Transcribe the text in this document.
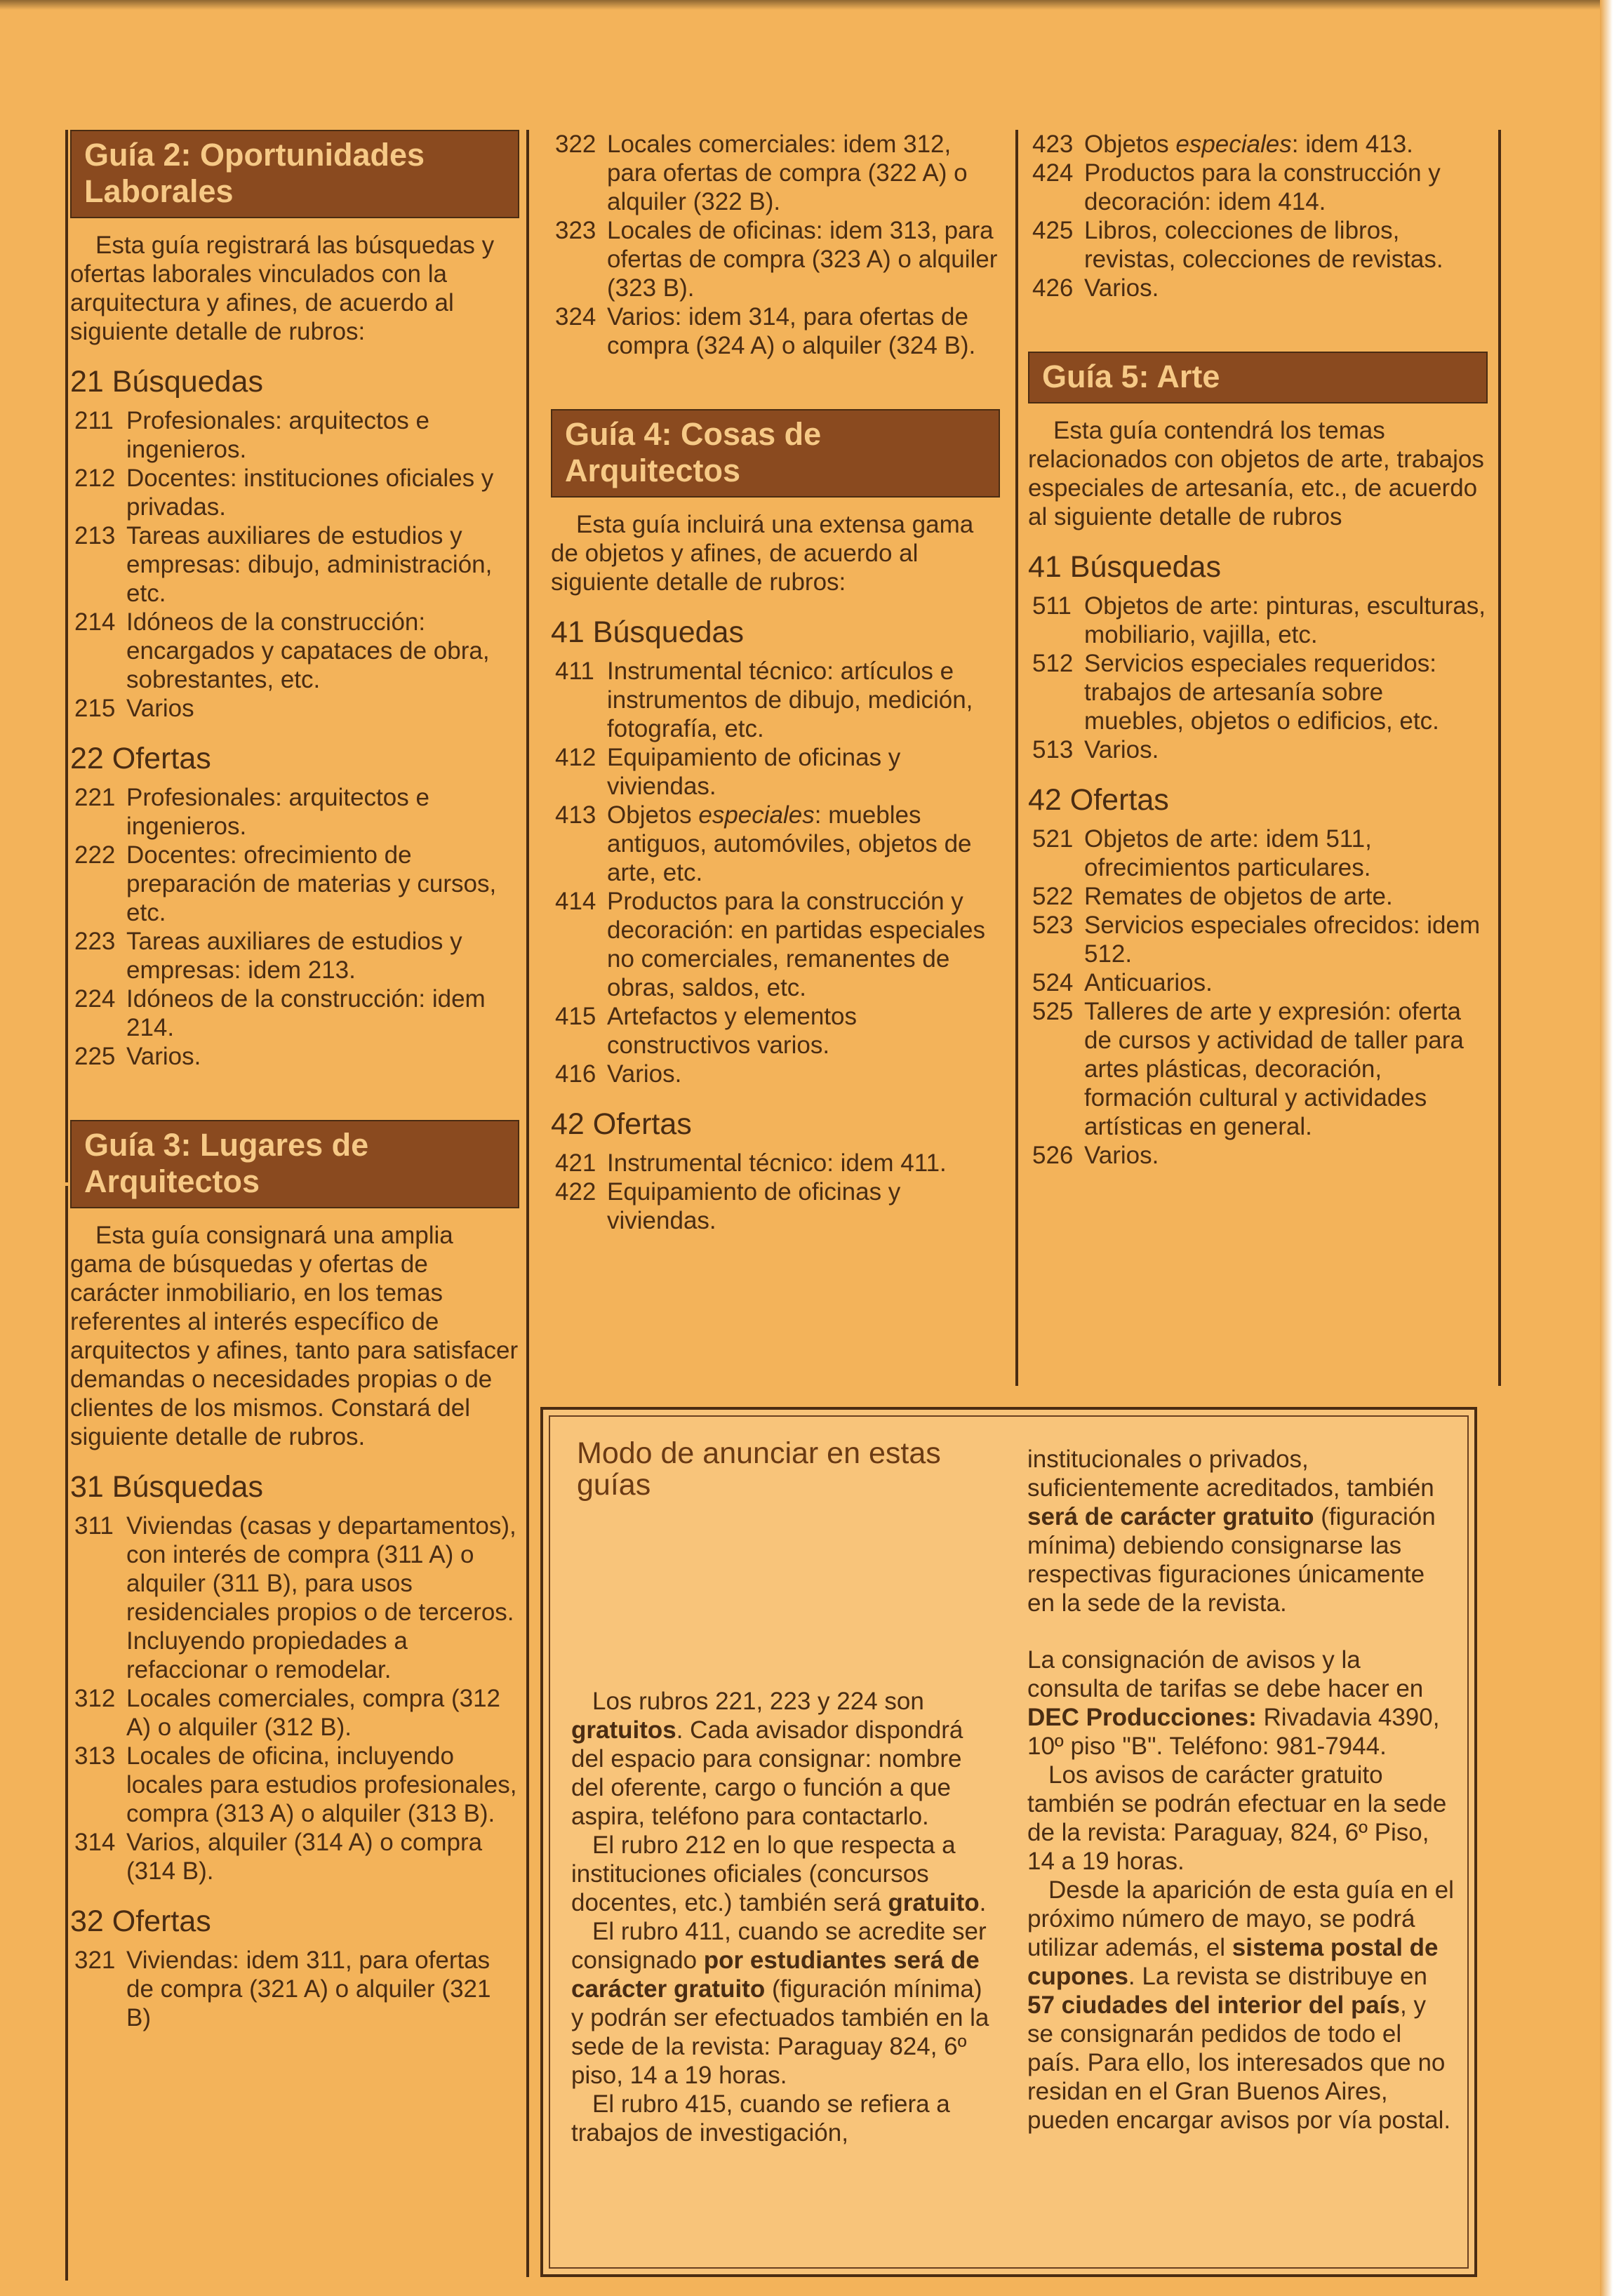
Guía 2: Oportunidades Laborales

Esta guía registrará las búsquedas y ofertas laborales vinculados con la arquitectura y afines, de acuerdo al siguiente detalle de rubros:

21 Búsquedas
211 Profesionales: arquitectos e ingenieros.
212 Docentes: instituciones oficiales y privadas.
213 Tareas auxiliares de estudios y empresas: dibujo, administración, etc.
214 Idóneos de la construcción: encargados y capataces de obra, sobrestantes, etc.
215 Varios
22 Ofertas
221 Profesionales: arquitectos e ingenieros.
222 Docentes: ofrecimiento de preparación de materias y cursos, etc.
223 Tareas auxiliares de estudios y empresas: idem 213.
224 Idóneos de la construcción: idem 214.
225 Varios.
Guía 3: Lugares de Arquitectos

Esta guía consignará una amplia gama de búsquedas y ofertas de carácter inmobiliario, en los temas referentes al interés específico de arquitectos y afines, tanto para satisfacer demandas o necesidades propias o de clientes de los mismos. Constará del siguiente detalle de rubros.

31 Búsquedas
311 Viviendas (casas y departamentos), con interés de compra (311 A) o alquiler (311 B), para usos residenciales propios o de terceros. Incluyendo propiedades a refaccionar o remodelar.
312 Locales comerciales, compra (312 A) o alquiler (312 B).
313 Locales de oficina, incluyendo locales para estudios profesionales, compra (313 A) o alquiler (313 B).
314 Varios, alquiler (314 A) o compra (314 B).
32 Ofertas
321 Viviendas: idem 311, para ofertas de compra (321 A) o alquiler (321 B)
322 Locales comerciales: idem 312, para ofertas de compra (322 A) o alquiler (322 B).
323 Locales de oficinas: idem 313, para ofertas de compra (323 A) o alquiler (323 B).
324 Varios: idem 314, para ofertas de compra (324 A) o alquiler (324 B).
Guía 4: Cosas de Arquitectos

Esta guía incluirá una extensa gama de objetos y afines, de acuerdo al siguiente detalle de rubros:

41 Búsquedas
411 Instrumental técnico: artículos e instrumentos de dibujo, medición, fotografía, etc.
412 Equipamiento de oficinas y viviendas.
413 Objetos especiales: muebles antiguos, automóviles, objetos de arte, etc.
414 Productos para la construcción y decoración: en partidas especiales no comerciales, remanentes de obras, saldos, etc.
415 Artefactos y elementos constructivos varios.
416 Varios.
42 Ofertas
421 Instrumental técnico: idem 411.
422 Equipamiento de oficinas y viviendas.
423 Objetos especiales: idem 413.
424 Productos para la construcción y decoración: idem 414.
425 Libros, colecciones de libros, revistas, colecciones de revistas.
426 Varios.
Guía 5: Arte

Esta guía contendrá los temas relacionados con objetos de arte, trabajos especiales de artesanía, etc., de acuerdo al siguiente detalle de rubros

41 Búsquedas
511 Objetos de arte: pinturas, esculturas, mobiliario, vajilla, etc.
512 Servicios especiales requeridos: trabajos de artesanía sobre muebles, objetos o edificios, etc.
513 Varios.
42 Ofertas
521 Objetos de arte: idem 511, ofrecimientos particulares.
522 Remates de objetos de arte.
523 Servicios especiales ofrecidos: idem 512.
524 Anticuarios.
525 Talleres de arte y expresión: oferta de cursos y actividad de taller para artes plásticas, decoración, formación cultural y actividades artísticas en general.
526 Varios.
Modo de anunciar en estas guías

Los rubros 221, 223 y 224 son gratuitos. Cada avisador dispondrá del espacio para consignar: nombre del oferente, cargo o función a que aspira, teléfono para contactarlo.

El rubro 212 en lo que respecta a instituciones oficiales (concursos docentes, etc.) también será gratuito.

El rubro 411, cuando se acredite ser consignado por estudiantes será de carácter gratuito (figuración mínima) y podrán ser efectuados también en la sede de la revista: Paraguay 824, 6º piso, 14 a 19 horas.

El rubro 415, cuando se refiera a trabajos de investigación,

institucionales o privados, suficientemente acreditados, también será de carácter gratuito (figuración mínima) debiendo consignarse las respectivas figuraciones únicamente en la sede de la revista.

La consignación de avisos y la consulta de tarifas se debe hacer en DEC Producciones: Rivadavia 4390, 10º piso "B". Teléfono: 981-7944.

Los avisos de carácter gratuito también se podrán efectuar en la sede de la revista: Paraguay, 824, 6º Piso, 14 a 19 horas.

Desde la aparición de esta guía en el próximo número de mayo, se podrá utilizar además, el sistema postal de cupones. La revista se distribuye en 57 ciudades del interior del país, y se consignarán pedidos de todo el país. Para ello, los interesados que no residan en el Gran Buenos Aires, pueden encargar avisos por vía postal.
